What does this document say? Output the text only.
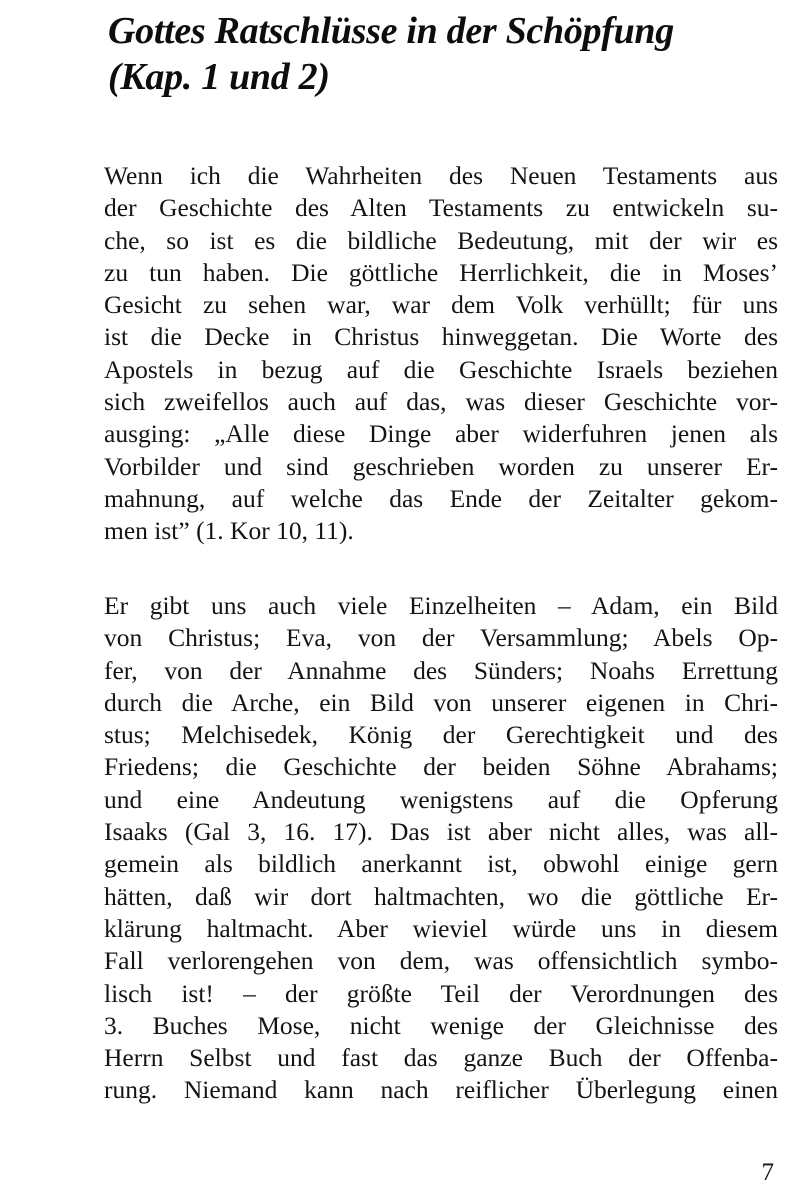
Gottes Ratschlüsse in der Schöpfung
(Kap. 1 und 2)
Wenn ich die Wahrheiten des Neuen Testaments aus
der Geschichte des Alten Testaments zu entwickeln su-
che, so ist es die bildliche Bedeutung, mit der wir es
zu tun haben. Die göttliche Herrlichkeit, die in Moses’
Gesicht zu sehen war, war dem Volk verhüllt; für uns
ist die Decke in Christus hinweggetan. Die Worte des
Apostels in bezug auf die Geschichte Israels beziehen
sich zweifellos auch auf das, was dieser Geschichte vor-
ausging: „Alle diese Dinge aber widerfuhren jenen als
Vorbilder und sind geschrieben worden zu unserer Er-
mahnung, auf welche das Ende der Zeitalter gekom-
men ist” (1. Kor 10, 11).
Er gibt uns auch viele Einzelheiten – Adam, ein Bild
von Christus; Eva, von der Versammlung; Abels Op-
fer, von der Annahme des Sünders; Noahs Errettung
durch die Arche, ein Bild von unserer eigenen in Chri-
stus; Melchisedek, König der Gerechtigkeit und des
Friedens; die Geschichte der beiden Söhne Abrahams;
und eine Andeutung wenigstens auf die Opferung
Isaaks (Gal 3, 16. 17). Das ist aber nicht alles, was all-
gemein als bildlich anerkannt ist, obwohl einige gern
hätten, daß wir dort haltmachten, wo die göttliche Er-
klärung haltmacht. Aber wieviel würde uns in diesem
Fall verlorengehen von dem, was offensichtlich symbo-
lisch ist! – der größte Teil der Verordnungen des
3. Buches Mose, nicht wenige der Gleichnisse des
Herrn Selbst und fast das ganze Buch der Offenba-
rung. Niemand kann nach reiflicher Überlegung einen
7
